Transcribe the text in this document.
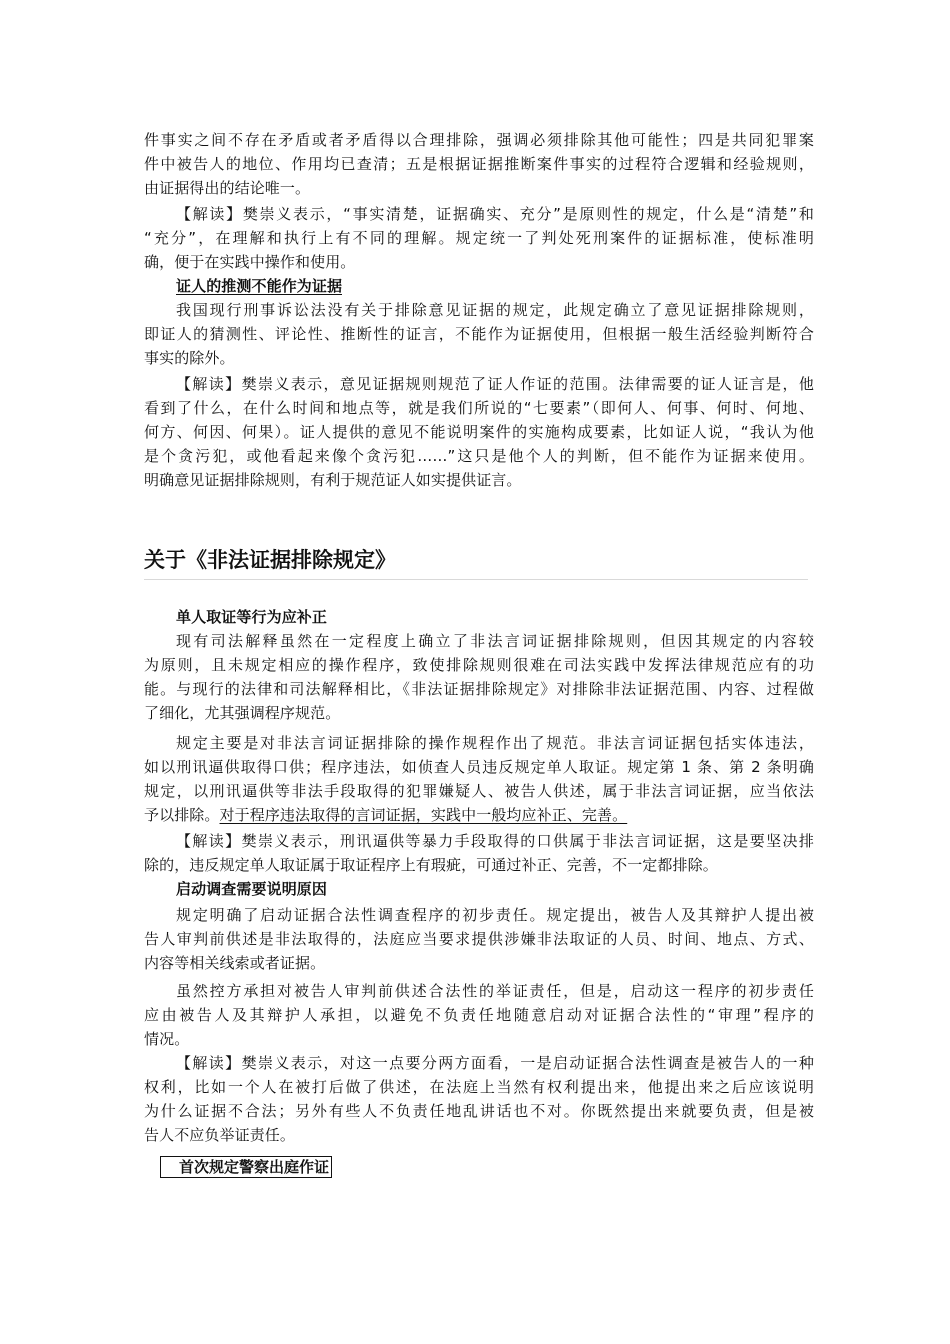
件事实之间不存在矛盾或者矛盾得以合理排除，强调必须排除其他可能性；四是共同犯罪案
件中被告人的地位、作用均已查清；五是根据证据推断案件事实的过程符合逻辑和经验规则，
由证据得出的结论唯一。
【解读】樊崇义表示，“事实清楚，证据确实、充分”是原则性的规定，什么是“清楚”和
“充分”，在理解和执行上有不同的理解。规定统一了判处死刑案件的证据标准，使标准明
确，便于在实践中操作和使用。
证人的推测不能作为证据
我国现行刑事诉讼法没有关于排除意见证据的规定，此规定确立了意见证据排除规则，
即证人的猜测性、评论性、推断性的证言，不能作为证据使用，但根据一般生活经验判断符合
事实的除外。
【解读】樊崇义表示，意见证据规则规范了证人作证的范围。法律需要的证人证言是，他
看到了什么，在什么时间和地点等，就是我们所说的“七要素”（即何人、何事、何时、何地、
何方、何因、何果）。证人提供的意见不能说明案件的实施构成要素，比如证人说，“我认为他
是个贪污犯，或他看起来像个贪污犯……”这只是他个人的判断，但不能作为证据来使用。
明确意见证据排除规则，有利于规范证人如实提供证言。
关于《非法证据排除规定》
单人取证等行为应补正
现有司法解释虽然在一定程度上确立了非法言词证据排除规则，但因其规定的内容较
为原则，且未规定相应的操作程序，致使排除规则很难在司法实践中发挥法律规范应有的功
能。与现行的法律和司法解释相比，《非法证据排除规定》对排除非法证据范围、内容、过程做
了细化，尤其强调程序规范。
规定主要是对非法言词证据排除的操作规程作出了规范。非法言词证据包括实体违法，
如以刑讯逼供取得口供；程序违法，如侦查人员违反规定单人取证。规定第 1 条、第 2 条明确
规定，以刑讯逼供等非法手段取得的犯罪嫌疑人、被告人供述，属于非法言词证据，应当依法
予以排除。对于程序违法取得的言词证据，实践中一般均应补正、完善。
【解读】樊崇义表示，刑讯逼供等暴力手段取得的口供属于非法言词证据，这是要坚决排
除的，违反规定单人取证属于取证程序上有瑕疵，可通过补正、完善，不一定都排除。
启动调查需要说明原因
规定明确了启动证据合法性调查程序的初步责任。规定提出，被告人及其辩护人提出被
告人审判前供述是非法取得的，法庭应当要求提供涉嫌非法取证的人员、时间、地点、方式、
内容等相关线索或者证据。
虽然控方承担对被告人审判前供述合法性的举证责任，但是，启动这一程序的初步责任
应由被告人及其辩护人承担，以避免不负责任地随意启动对证据合法性的“审理”程序的
情况。
【解读】樊崇义表示，对这一点要分两方面看，一是启动证据合法性调查是被告人的一种
权利，比如一个人在被打后做了供述，在法庭上当然有权利提出来，他提出来之后应该说明
为什么证据不合法；另外有些人不负责任地乱讲话也不对。你既然提出来就要负责，但是被
告人不应负举证责任。
首次规定警察出庭作证
